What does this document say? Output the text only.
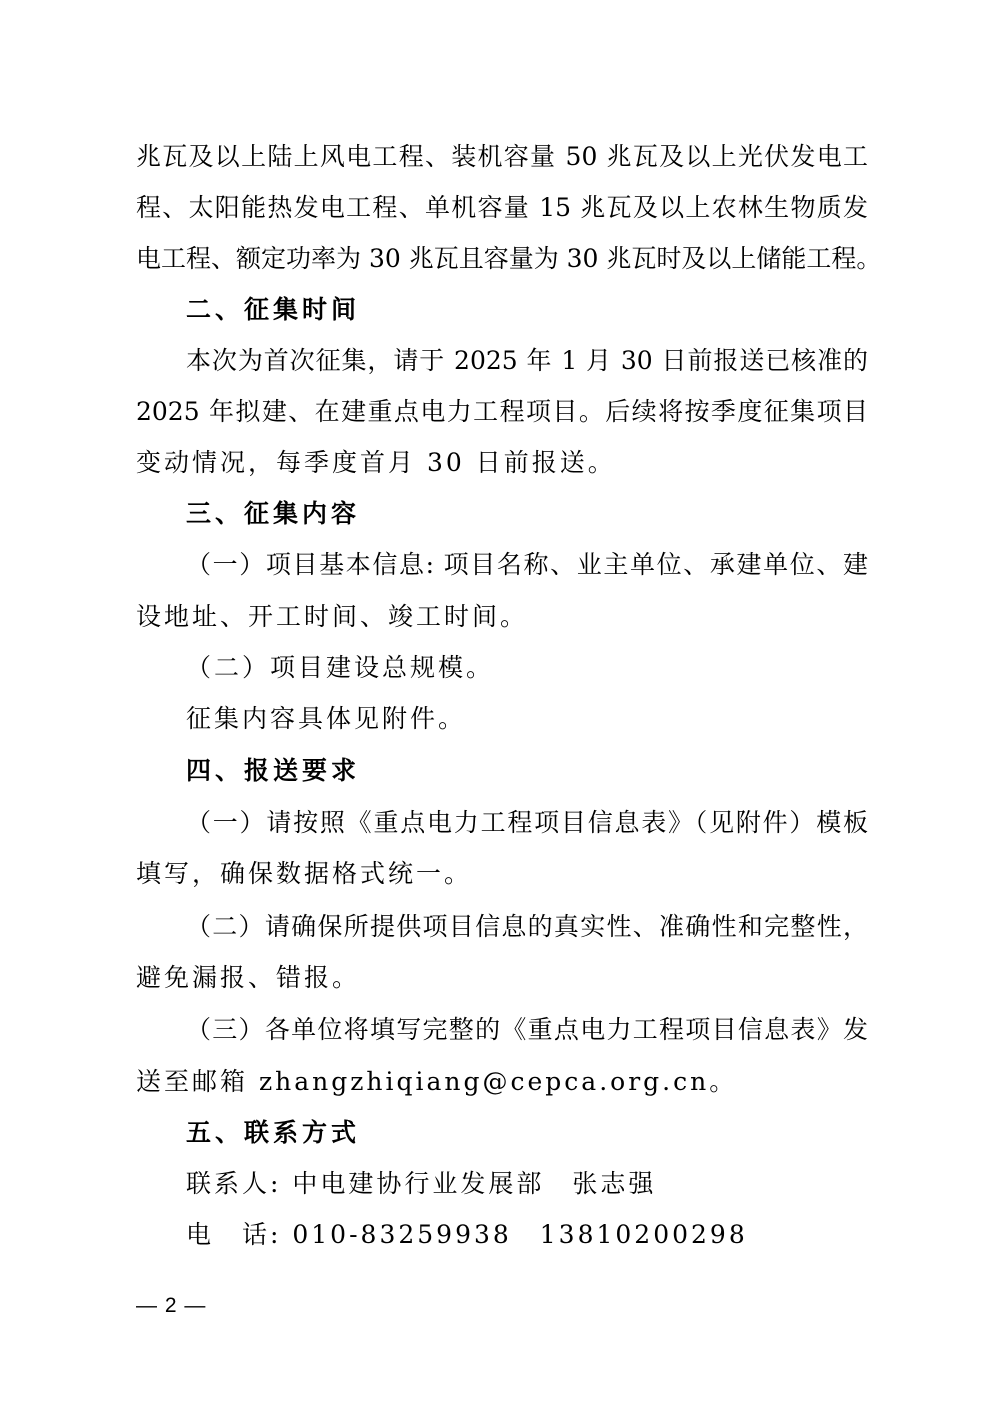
兆瓦及以上陆上风电工程、装机容量 50 兆瓦及以上光伏发电工
程、太阳能热发电工程、单机容量 15 兆瓦及以上农林生物质发
电工程、额定功率为 30 兆瓦且容量为 30 兆瓦时及以上储能工程。
二、征集时间
本次为首次征集，请于 2025 年 1 月 30 日前报送已核准的
2025 年拟建、在建重点电力工程项目。后续将按季度征集项目
变动情况，每季度首月 30 日前报送。
三、征集内容
（一）项目基本信息: 项目名称、业主单位、承建单位、建
设地址、开工时间、竣工时间。
（二）项目建设总规模。
征集内容具体见附件。
四、报送要求
（一）请按照《重点电力工程项目信息表》（见附件）模板
填写，确保数据格式统一。
（二）请确保所提供项目信息的真实性、准确性和完整性，
避免漏报、错报。
（三）各单位将填写完整的《重点电力工程项目信息表》发
送至邮箱 zhangzhiqiang@cepca.org.cn。
五、联系方式
联系人: 中电建协行业发展部　张志强
电　话: 010-83259938　13810200298
— 2 —
